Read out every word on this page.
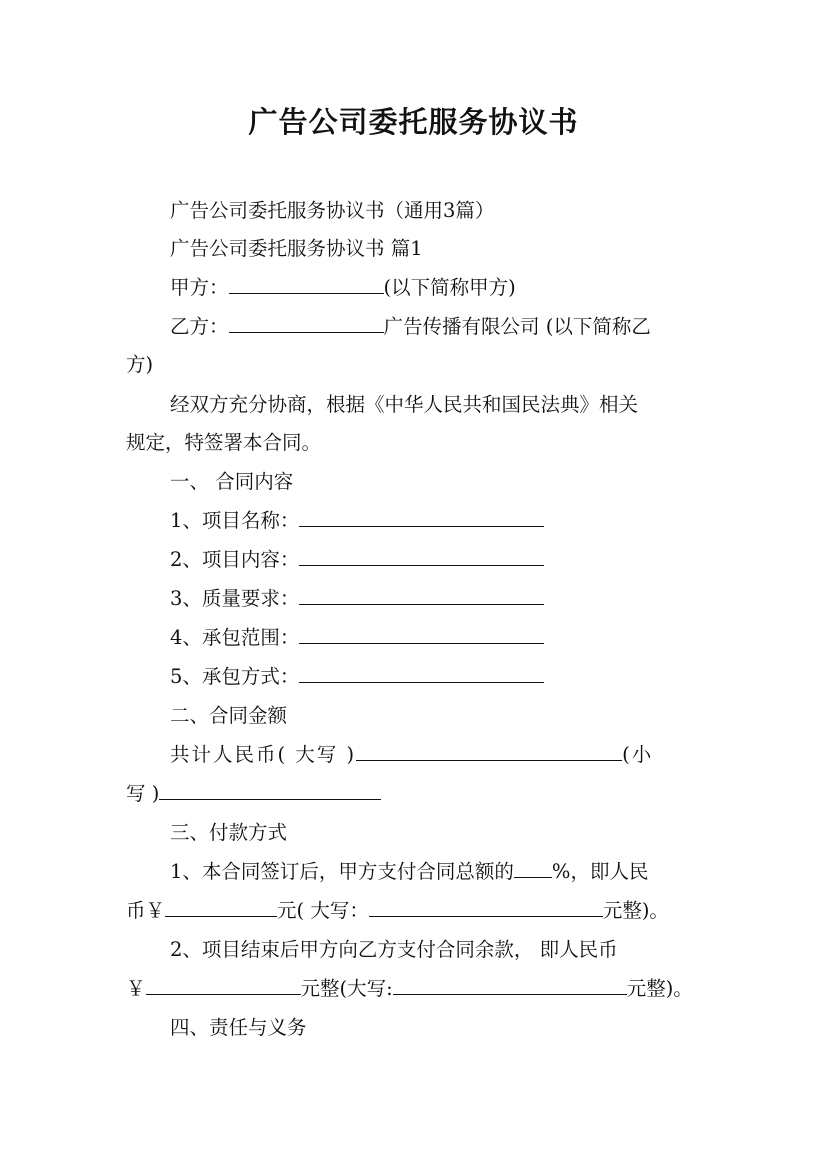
广告公司委托服务协议书
广告公司委托服务协议书（通用3篇）
广告公司委托服务协议书 篇1
甲方：	(以下简称甲方)
乙方：	广告传播有限公司 (以下简称乙
方)
经双方充分协商，根据《中华人民共和国民法典》相关
规定，特签署本合同。
一、 合同内容
1、项目名称：
2、项目内容：
3、质量要求：
4、承包范围：
5、承包方式：
二、合同金额
共计人民币( 大写 )	(小
写 )
三、付款方式
1、本合同签订后，甲方支付合同总额的 %，即人民
币￥	元( 大写：	元整)。
2、项目结束后甲方向乙方支付合同余款， 即人民币
￥	元整(大写:	元整)。
四、责任与义务
